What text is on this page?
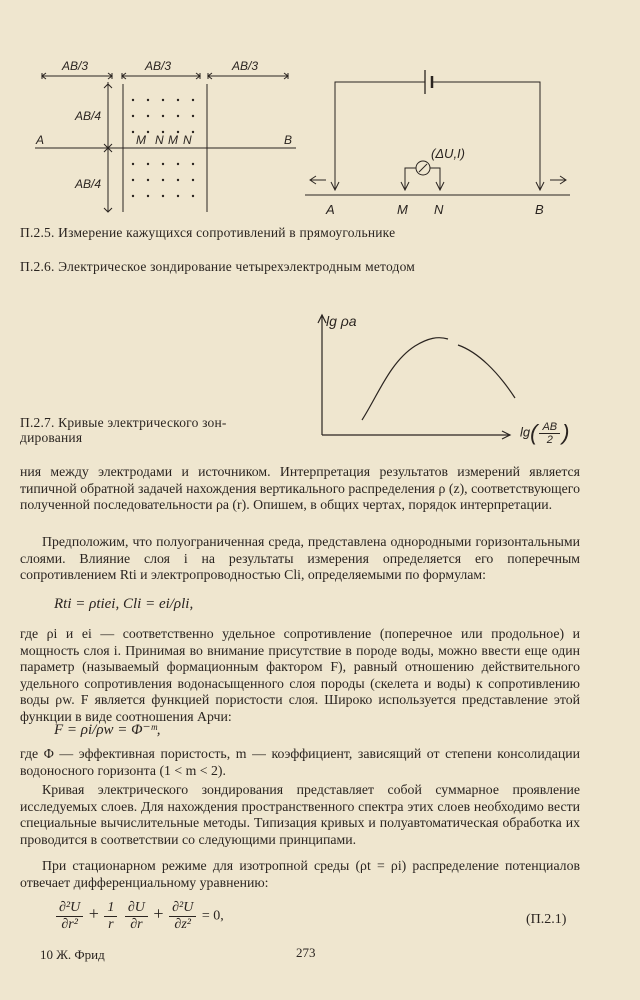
AB/3	AB/3	AB/3
AB/4
AB/4
A	M N M N	B
(ΔU,I)
A	M N	B
lg ρa
$\lg( \frac{AB}{2}$ )
П.2.5. Измерение кажущихся сопротивлений в прямоугольнике
П.2.6. Электрическое зондирование четырехэлектродным методом
П.2.7. Кривые электрического зон-
дирования
ния между электродами и источником. Интерпретация результатов измерений является типичной обратной задачей нахождения вертикального распределения ρ (z), соответствующего полученной последовательности ρa (r). Опишем, в общих чертах, порядок интерпретации.
Предположим, что полуограниченная среда, представлена однородными горизонтальными слоями. Влияние слоя i на результаты измерения определяется его поперечным сопротивлением Rti и электропроводностью Cli, определяемыми по формулам:
Rti = ρtiei, Cli = ei/ρli,
где ρi и ei — соответственно удельное сопротивление (поперечное или продольное) и мощность слоя i. Принимая во внимание присутствие в породе воды, можно ввести еще один параметр (называемый формационным фактором F), равный отношению действительного удельного сопротивления водонасыщенного слоя породы (скелета и воды) к сопротивлению воды ρw. F является функцией пористости слоя. Широко используется представление этой функции в виде соотношения Арчи:
F = ρi/ρw = Φ⁻ᵐ,
где Φ — эффективная пористость, m — коэффициент, зависящий от степени консолидации водоносного горизонта (1 < m < 2).
Кривая электрического зондирования представляет собой суммарное проявление исследуемых слоев. Для нахождения пространственного спектра этих слоев необходимо вести специальные вычислительные методы. Типизация кривых и полуавтоматическая обработка их проводится в соответствии со следующими принципами.
При стационарном режиме для изотропной среды (ρt = ρi) распределение потенциалов отвечает дифференциальному уравнению:
$\frac{\text{∂²U}}{\text{∂r²}} + \frac{1}{r}$
$\frac{\partial U}{\partial r} + \frac{\text{∂²U}}{\text{∂z²}} = 0$,	(П.2.1)
10 Ж. Фрид	273
